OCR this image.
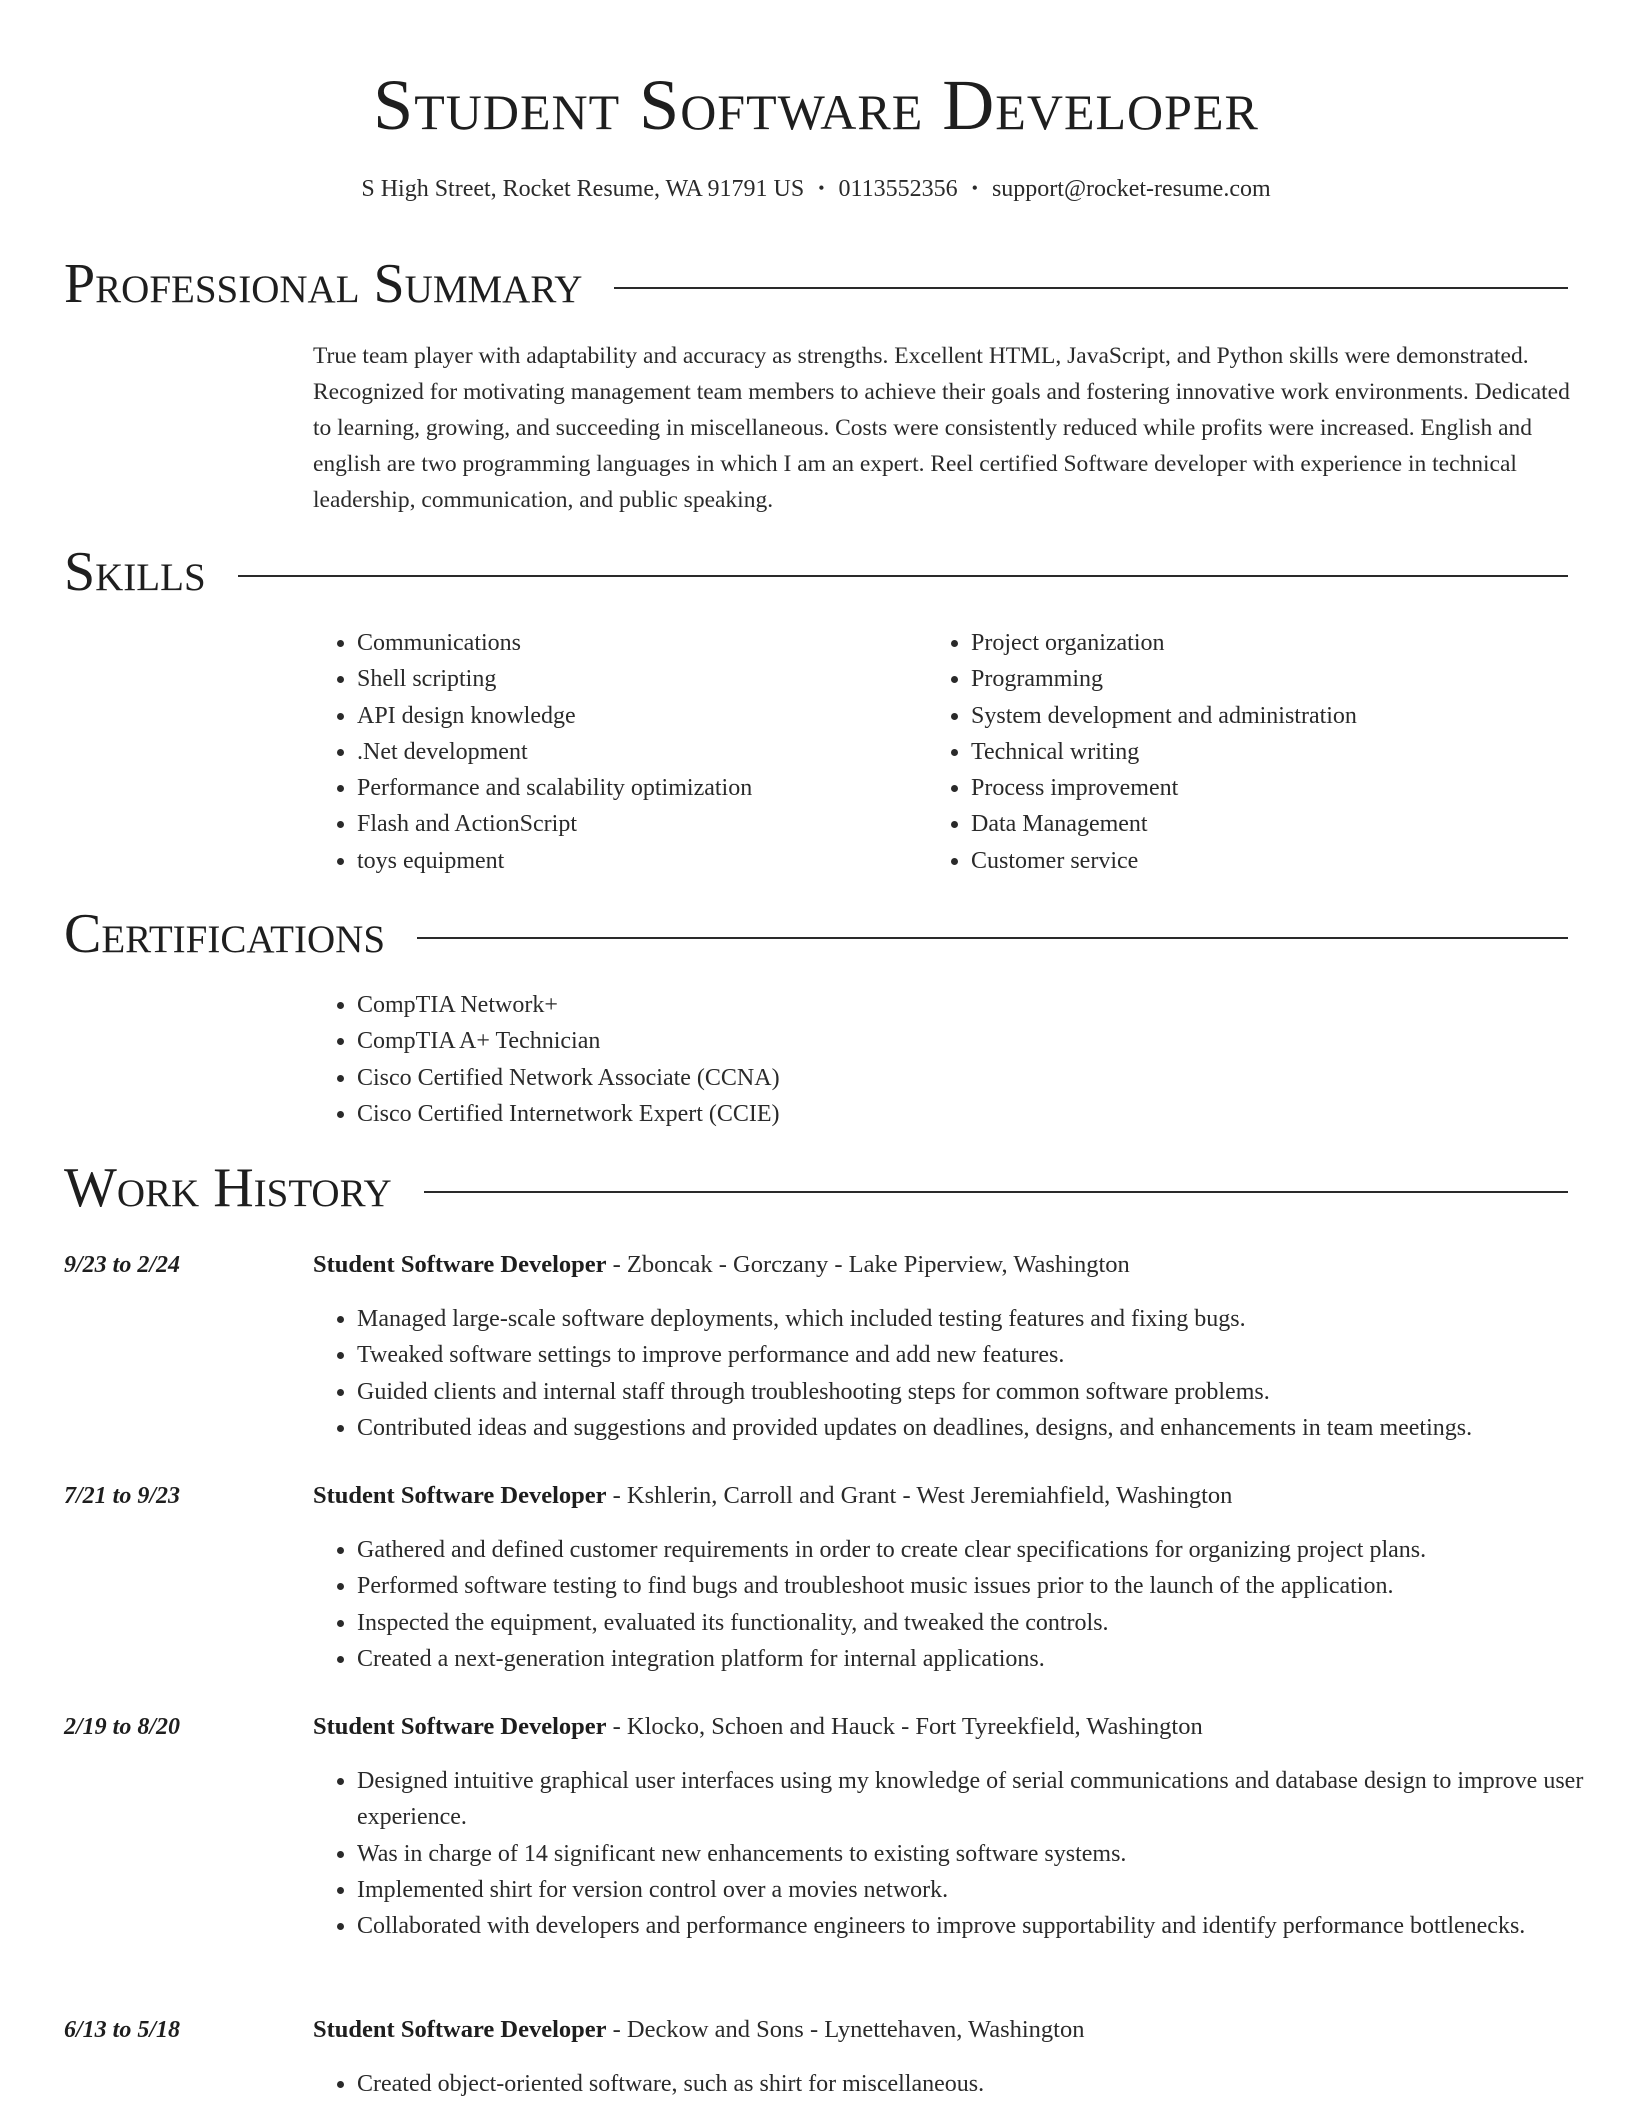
Student Software Developer
S High Street, Rocket Resume, WA 91791 US • 0113552356 • support@rocket-resume.com
Professional Summary

True team player with adaptability and accuracy as strengths. Excellent HTML, JavaScript, and Python skills were demonstrated. Recognized for motivating management team members to achieve their goals and fostering innovative work environments. Dedicated to learning, growing, and succeeding in miscellaneous. Costs were consistently reduced while profits were increased. English and english are two programming languages in which I am an expert. Reel certified Software developer with experience in technical leadership, communication, and public speaking.

Skills
• Communications
• Shell scripting
• API design knowledge
• .Net development
• Performance and scalability optimization
• Flash and ActionScript
• toys equipment
• Project organization
• Programming
• System development and administration
• Technical writing
• Process improvement
• Data Management
• Customer service
Certifications
• CompTIA Network+
• CompTIA A+ Technician
• Cisco Certified Network Associate (CCNA)
• Cisco Certified Internetwork Expert (CCIE)
Work History
9/23 to 2/24	Student Software Developer - Zboncak - Gorczany - Lake Piperview, Washington
• Managed large-scale software deployments, which included testing features and fixing bugs.
• Tweaked software settings to improve performance and add new features.
• Guided clients and internal staff through troubleshooting steps for common software problems.
• Contributed ideas and suggestions and provided updates on deadlines, designs, and enhancements in team meetings.
7/21 to 9/23	Student Software Developer - Kshlerin, Carroll and Grant - West Jeremiahfield, Washington
• Gathered and defined customer requirements in order to create clear specifications for organizing project plans.
• Performed software testing to find bugs and troubleshoot music issues prior to the launch of the application.
• Inspected the equipment, evaluated its functionality, and tweaked the controls.
• Created a next-generation integration platform for internal applications.
2/19 to 8/20	Student Software Developer - Klocko, Schoen and Hauck - Fort Tyreekfield, Washington
• Designed intuitive graphical user interfaces using my knowledge of serial communications and database design to improve user experience.
• Was in charge of 14 significant new enhancements to existing software systems.
• Implemented shirt for version control over a movies network.
• Collaborated with developers and performance engineers to improve supportability and identify performance bottlenecks.
6/13 to 5/18	Student Software Developer - Deckow and Sons - Lynettehaven, Washington
• Created object-oriented software, such as shirt for miscellaneous.
